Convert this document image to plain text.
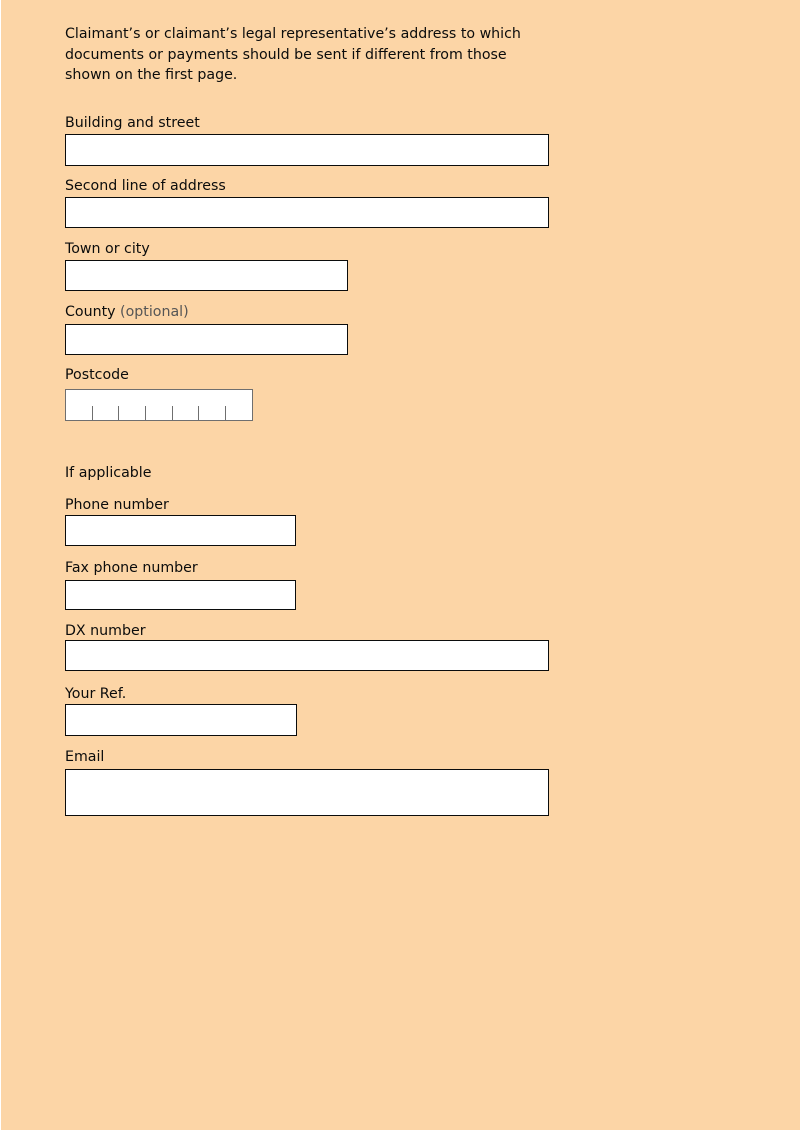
Claimant’s or claimant’s legal representative’s address to which documents or payments should be sent if different from those shown on the first page.
Building and street
Second line of address
Town or city
County (optional)
Postcode
If applicable
Phone number
Fax phone number
DX number
Your Ref.
Email
